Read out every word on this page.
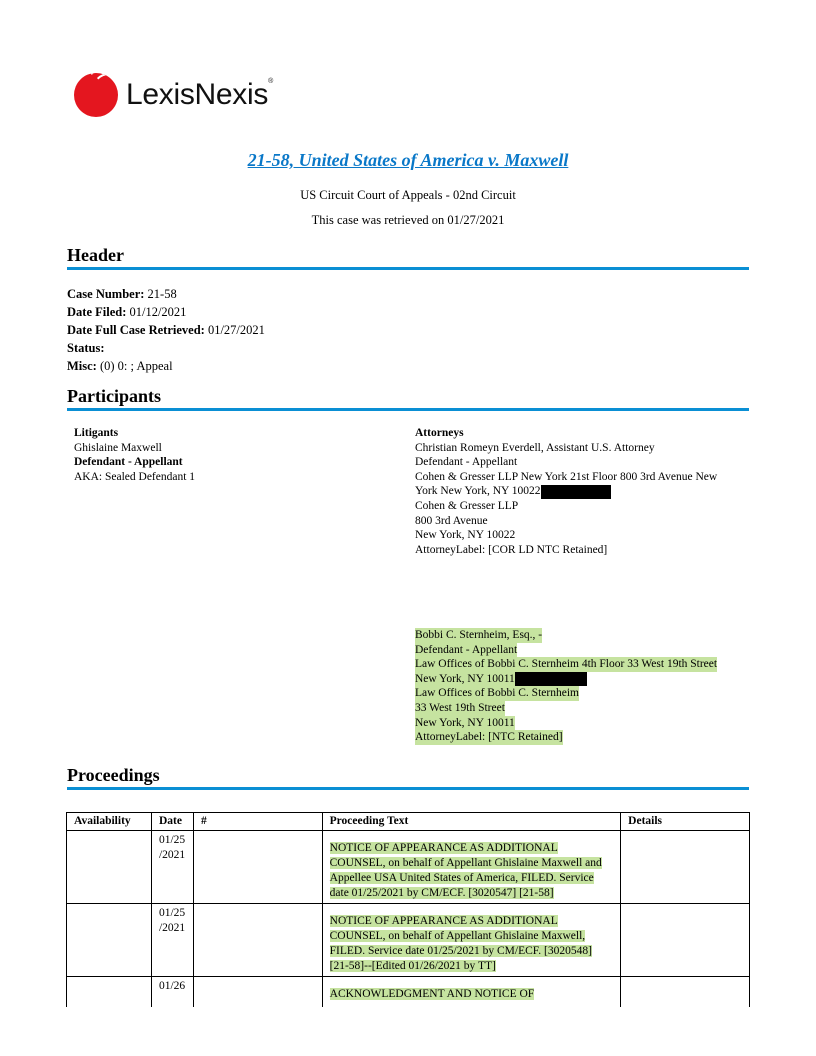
LexisNexis®
21-58, United States of America v. Maxwell
US Circuit Court of Appeals - 02nd Circuit
This case was retrieved on 01/27/2021
Header
Case Number: 21-58
Date Filed: 01/12/2021
Date Full Case Retrieved: 01/27/2021
Status:
Misc: (0) 0: ; Appeal
Participants
Litigants
Ghislaine Maxwell
Defendant - Appellant
AKA: Sealed Defendant 1
Attorneys
Christian Romeyn Everdell, Assistant U.S. Attorney
Defendant - Appellant
Cohen & Gresser LLP New York 21st Floor 800 3rd Avenue New
York New York, NY 10022
Cohen & Gresser LLP
800 3rd Avenue
New York, NY 10022
AttorneyLabel: [COR LD NTC Retained]
Bobbi C. Sternheim, Esq., -
Defendant - Appellant
Law Offices of Bobbi C. Sternheim 4th Floor 33 West 19th Street
New York, NY 10011
Law Offices of Bobbi C. Sternheim
33 West 19th Street
New York, NY 10011
AttorneyLabel: [NTC Retained]
Proceedings
Availability	Date	#	Proceeding Text	Details

	01/25
/2021		NOTICE OF APPEARANCE AS ADDITIONAL COUNSEL, on behalf of Appellant Ghislaine Maxwell and Appellee USA United States of America, FILED. Service date 01/25/2021 by CM/ECF. [3020547] [21-58]	

	01/25
/2021		NOTICE OF APPEARANCE AS ADDITIONAL COUNSEL, on behalf of Appellant Ghislaine Maxwell, FILED. Service date 01/25/2021 by CM/ECF. [3020548] [21-58]--[Edited 01/26/2021 by TT]	

	01/26		ACKNOWLEDGMENT AND NOTICE OF	
